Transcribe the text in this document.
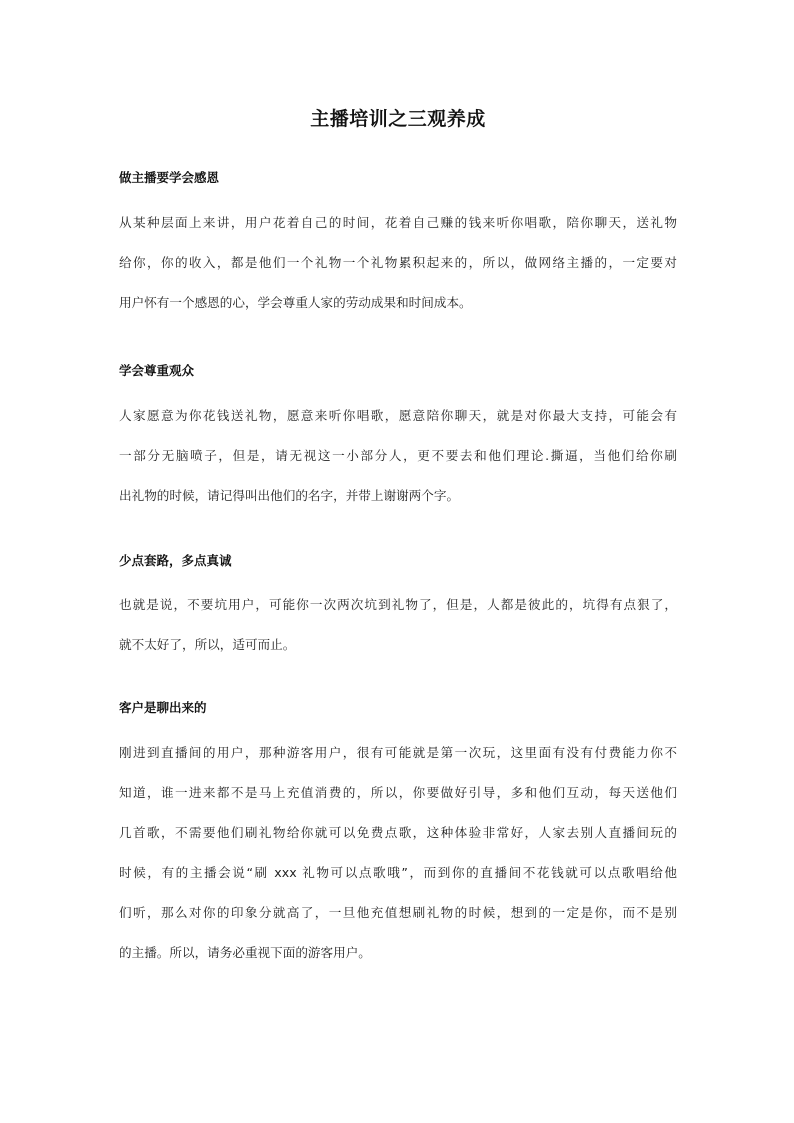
主播培训之三观养成
做主播要学会感恩
从某种层面上来讲，用户花着自己的时间，花着自己赚的钱来听你唱歌，陪你聊天，送礼物
给你，你的收入，都是他们一个礼物一个礼物累积起来的，所以，做网络主播的，一定要对
用户怀有一个感恩的心，学会尊重人家的劳动成果和时间成本。
学会尊重观众
人家愿意为你花钱送礼物，愿意来听你唱歌，愿意陪你聊天，就是对你最大支持，可能会有
一部分无脑喷子，但是，请无视这一小部分人，更不要去和他们理论.撕逼，当他们给你刷
出礼物的时候，请记得叫出他们的名字，并带上谢谢两个字。
少点套路，多点真诚
也就是说，不要坑用户，可能你一次两次坑到礼物了，但是，人都是彼此的，坑得有点狠了，
就不太好了，所以，适可而止。
客户是聊出来的
刚进到直播间的用户，那种游客用户，很有可能就是第一次玩，这里面有没有付费能力你不
知道，谁一进来都不是马上充值消费的，所以，你要做好引导，多和他们互动，每天送他们
几首歌，不需要他们刷礼物给你就可以免费点歌，这种体验非常好，人家去别人直播间玩的
时候，有的主播会说“刷 xxx 礼物可以点歌哦”，而到你的直播间不花钱就可以点歌唱给他
们听，那么对你的印象分就高了，一旦他充值想刷礼物的时候，想到的一定是你，而不是别
的主播。所以，请务必重视下面的游客用户。
